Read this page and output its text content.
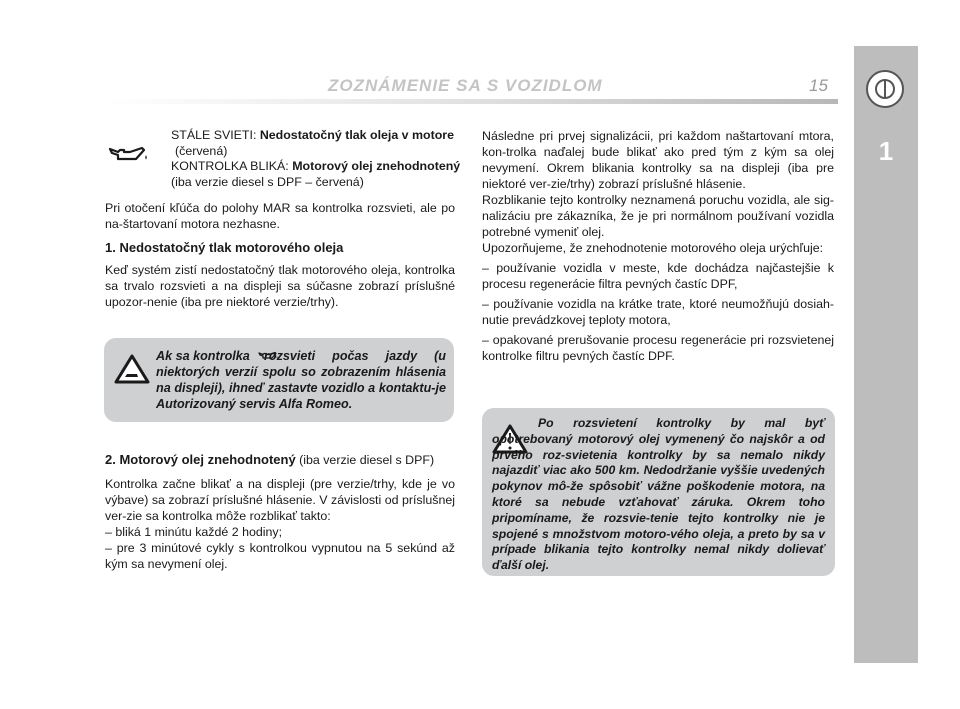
ZOZNÁMENIE SA S VOZIDLOM	15
1
STÁLE SVIETI: Nedostatočný tlak oleja v motore
(červená)
KONTROLKA BLIKÁ: Motorový olej znehodnotený
(iba verzie diesel s DPF – červená)

Pri otočení kľúča do polohy MAR sa kontrolka rozsvieti, ale po na-štartovaní motora nezhasne.

1. Nedostatočný tlak motorového oleja

Keď systém zistí nedostatočný tlak motorového oleja, kontrolka sa trvalo rozsvieti a na displeji sa súčasne zobrazí príslušné upozor-nenie (iba pre niektoré verzie/trhy).

Ak sa kontrolka	rozsvieti počas jazdy (u niektorých verzií spolu so zobrazením hlásenia na displeji), ihneď zastavte vozidlo a kontaktu-je Autorizovaný servis Alfa Romeo.

2. Motorový olej znehodnotený (iba verzie diesel s DPF)

Kontrolka začne blikať a na displeji (pre verzie/trhy, kde je vo výbave) sa zobrazí príslušné hlásenie. V závislosti od príslušnej ver-zie sa kontrolka môže rozblikať takto:

– bliká 1 minútu každé 2 hodiny;

– pre 3 minútové cykly s kontrolkou vypnutou na 5 sekúnd až kým sa nevymení olej.

Následne pri prvej signalizácii, pri každom naštartovaní mtora, kon-trolka naďalej bude blikať ako pred tým z kým sa olej nevymení. Okrem blikania kontrolky sa na displeji (iba pre niektoré ver-zie/trhy) zobrazí príslušné hlásenie.

Rozblikanie tejto kontrolky neznamená poruchu vozidla, ale sig-nalizáciu pre zákazníka, že je pri normálnom používaní vozidla potrebné vymeniť olej.

Upozorňujeme, že znehodnotenie motorového oleja urýchľuje:

– používanie vozidla v meste, kde dochádza najčastejšie k procesu regenerácie filtra pevných častíc DPF,

– používanie vozidla na krátke trate, ktoré neumožňujú dosiah-nutie prevádzkovej teploty motora,

– opakované prerušovanie procesu regenerácie pri rozsvietenej kontrolke filtru pevných častíc DPF.

Po rozsvietení kontrolky by mal byť opotrebovaný motorový olej vymenený čo najskôr a od prvého roz-svietenia kontrolky by sa nemalo nikdy najazdiť viac ako 500 km. Nedodržanie vyššie uvedených pokynov mô-že spôsobiť vážne poškodenie motora, na ktoré sa nebude vzťahovať záruka. Okrem toho pripomíname, že rozsvie-tenie tejto kontrolky nie je spojené s množstvom motoro-vého oleja, a preto by sa v prípade blikania tejto kontrolky nemal nikdy dolievať ďalší olej.
